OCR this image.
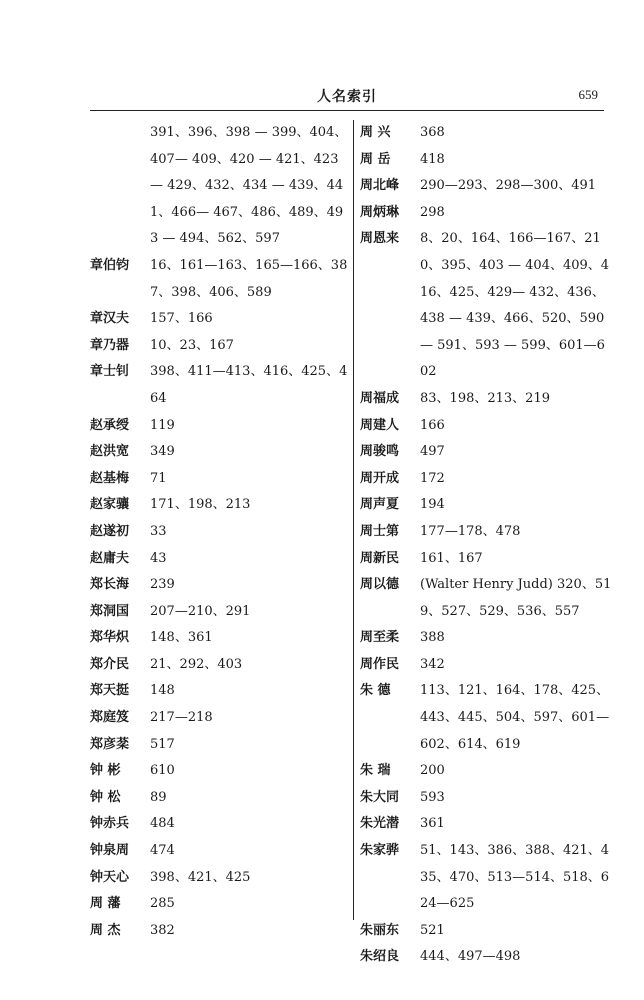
人名索引	659
391、396、398 — 399、404、407— 409、420 — 421、423 — 429、432、434 — 439、441、466— 467、486、489、493 — 494、562、597
章伯钧	16、161—163、165—166、387、398、406、589
章汉夫	157、166
章乃器	10、23、167
章士钊	398、411—413、416、425、464
赵承绶	119
赵洪宽	349
赵基梅	71
赵家骧	171、198、213
赵遂初	33
赵庸夫	43
郑长海	239
郑洞国	207—210、291
郑华炽	148、361
郑介民	21、292、403
郑天挺	148
郑庭笈	217—218
郑彦棻	517
钟 彬	610
钟 松	89
钟赤兵	484
钟泉周	474
钟天心	398、421、425
周 藩	285
周 杰	382
周 兴	368
周 岳	418
周北峰	290—293、298—300、491
周炳琳	298
周恩来	8、20、164、166—167、210、395、403 — 404、409、416、425、429— 432、436、438 — 439、466、520、590 — 591、593 — 599、601—602
周福成	83、198、213、219
周建人	166
周骏鸣	497
周开成	172
周声夏	194
周士第	177—178、478
周新民	161、167
周以德	(Walter Henry Judd) 320、519、527、529、536、557
周至柔	388
周作民	342
朱 德	113、121、164、178、425、443、445、504、597、601—602、614、619
朱 瑞	200
朱大同	593
朱光潜	361
朱家骅	51、143、386、388、421、435、470、513—514、518、624—625
朱丽东	521
朱绍良	444、497—498
